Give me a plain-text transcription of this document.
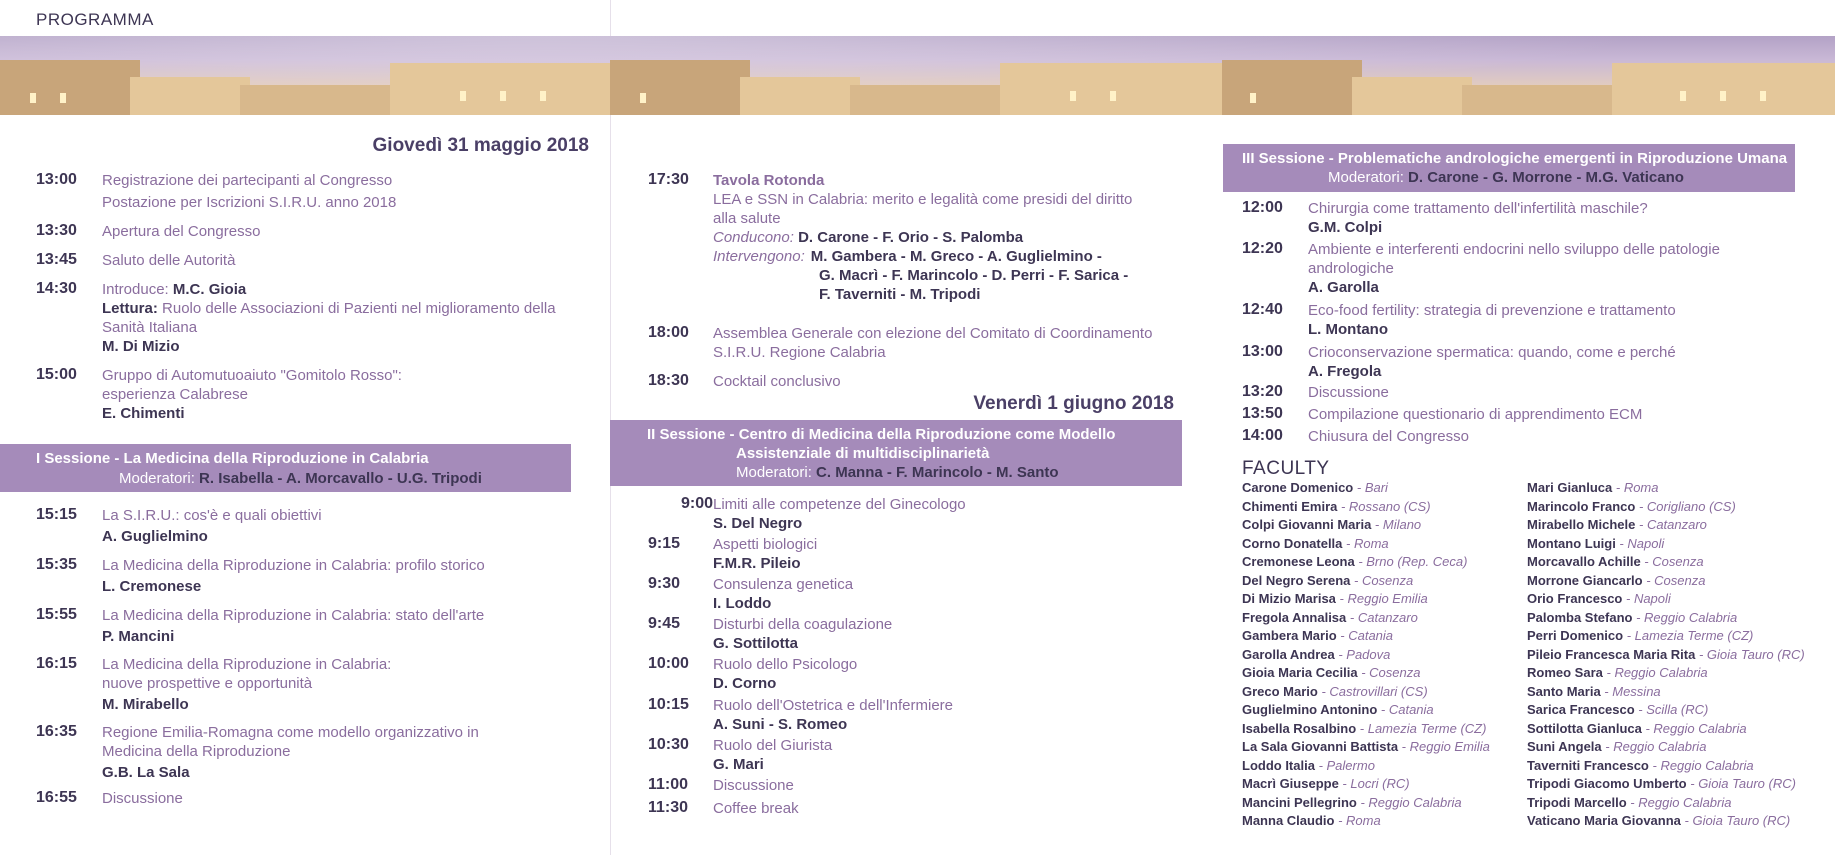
PROGRAMMA
Giovedì 31 maggio 2018
13:00	Registrazione dei partecipanti al Congresso
Postazione per Iscrizioni S.I.R.U. anno 2018
13:30	Apertura del Congresso
13:45	Saluto delle Autorità
14:30	Introduce: M.C. Gioia
Lettura: Ruolo delle Associazioni di Pazienti nel miglioramento della
Sanità Italiana
M. Di Mizio
15:00	Gruppo di Automutuoaiuto "Gomitolo Rosso":
esperienza Calabrese
E. Chimenti
I Sessione - La Medicina della Riproduzione in Calabria
Moderatori: R. Isabella - A. Morcavallo - U.G. Tripodi
15:15	La S.I.R.U.: cos'è e quali obiettivi
A. Guglielmino
15:35	La Medicina della Riproduzione in Calabria: profilo storico
L. Cremonese
15:55	La Medicina della Riproduzione in Calabria: stato dell'arte
P. Mancini
16:15	La Medicina della Riproduzione in Calabria:
nuove prospettive e opportunità
M. Mirabello
16:35	Regione Emilia-Romagna come modello organizzativo in
Medicina della Riproduzione
G.B. La Sala
16:55	Discussione
17:30	Tavola Rotonda
LEA e SSN in Calabria: merito e legalità come presidi del diritto
alla salute
Conducono: D. Carone - F. Orio - S. Palomba
Intervengono: M. Gambera - M. Greco - A. Guglielmino -
G. Macrì - F. Marincolo - D. Perri - F. Sarica -
F. Taverniti - M. Tripodi
18:00	Assemblea Generale con elezione del Comitato di Coordinamento
S.I.R.U. Regione Calabria
18:30	Cocktail conclusivo
Venerdì 1 giugno 2018
II Sessione - Centro di Medicina della Riproduzione come Modello
Assistenziale di multidisciplinarietà
Moderatori: C. Manna - F. Marincolo - M. Santo
9:00 Limiti alle competenze del Ginecologo
S. Del Negro
9:15	Aspetti biologici
F.M.R. Pileio
9:30	Consulenza genetica
I. Loddo
9:45	Disturbi della coagulazione
G. Sottilotta
10:00	Ruolo dello Psicologo
D. Corno
10:15	Ruolo dell'Ostetrica e dell'Infermiere
A. Suni - S. Romeo
10:30	Ruolo del Giurista
G. Mari
11:00	Discussione
11:30	Coffee break
III Sessione - Problematiche andrologiche emergenti in Riproduzione Umana
Moderatori: D. Carone - G. Morrone - M.G. Vaticano
12:00	Chirurgia come trattamento dell'infertilità maschile?
G.M. Colpi
12:20	Ambiente e interferenti endocrini nello sviluppo delle patologie
andrologiche
A. Garolla
12:40	Eco-food fertility: strategia di prevenzione e trattamento
L. Montano
13:00	Crioconservazione spermatica: quando, come e perché
A. Fregola
13:20	Discussione
13:50	Compilazione questionario di apprendimento ECM
14:00	Chiusura del Congresso
FACULTY
Carone Domenico - Bari
Chimenti Emira - Rossano (CS)
Colpi Giovanni Maria - Milano
Corno Donatella - Roma
Cremonese Leona - Brno (Rep. Ceca)
Del Negro Serena - Cosenza
Di Mizio Marisa - Reggio Emilia
Fregola Annalisa - Catanzaro
Gambera Mario - Catania
Garolla Andrea - Padova
Gioia Maria Cecilia - Cosenza
Greco Mario - Castrovillari (CS)
Guglielmino Antonino - Catania
Isabella Rosalbino - Lamezia Terme (CZ)
La Sala Giovanni Battista - Reggio Emilia
Loddo Italia - Palermo
Macrì Giuseppe - Locri (RC)
Mancini Pellegrino - Reggio Calabria
Manna Claudio - Roma
Mari Gianluca - Roma
Marincolo Franco - Corigliano (CS)
Mirabello Michele - Catanzaro
Montano Luigi - Napoli
Morcavallo Achille - Cosenza
Morrone Giancarlo - Cosenza
Orio Francesco - Napoli
Palomba Stefano - Reggio Calabria
Perri Domenico - Lamezia Terme (CZ)
Pileio Francesca Maria Rita - Gioia Tauro (RC)
Romeo Sara - Reggio Calabria
Santo Maria - Messina
Sarica Francesco - Scilla (RC)
Sottilotta Gianluca - Reggio Calabria
Suni Angela - Reggio Calabria
Taverniti Francesco - Reggio Calabria
Tripodi Giacomo Umberto - Gioia Tauro (RC)
Tripodi Marcello - Reggio Calabria
Vaticano Maria Giovanna - Gioia Tauro (RC)
